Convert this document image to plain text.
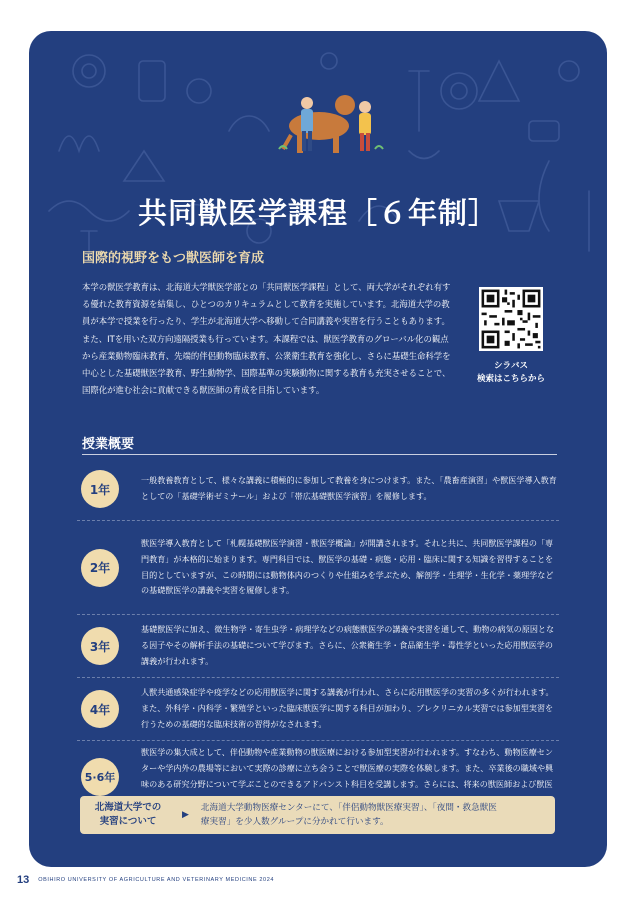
共同獣医学課程［６年制］
国際的視野をもつ獣医師を育成

本学の獣医学教育は、北海道大学獣医学部との「共同獣医学課程」として、両大学がそれぞれ有する優れた教育資源を結集し、ひとつのカリキュラムとして教育を実施しています。北海道大学の教員が本学で授業を行ったり、学生が北海道大学へ移動して合同講義や実習を行うこともあります。また、ITを用いた双方向遠隔授業も行っています。本課程では、獣医学教育のグローバル化の観点から産業動物臨床教育、先端的伴侶動物臨床教育、公衆衛生教育を強化し、さらに基礎生命科学を中心とした基礎獣医学教育、野生動物学、国際基準の実験動物に関する教育も充実させることで、国際化が進む社会に貢献できる獣医師の育成を目指しています。

シラバス
検索はこちらから
授業概要
1年

一般教養教育として、様々な講義に積極的に参加して教養を身につけます。また、「農畜産演習」や獣医学導入教育としての「基礎学術ゼミナール」および「帯広基礎獣医学演習」を履修します。

2年

獣医学導入教育として「札幌基礎獣医学演習・獣医学概論」が開講されます。それと共に、共同獣医学課程の「専門教育」が本格的に始まります。専門科目では、獣医学の基礎・病態・応用・臨床に関する知識を習得することを目的としていますが、この時期には動物体内のつくりや仕組みを学ぶため、解剖学・生理学・生化学・薬理学などの基礎獣医学の講義や実習を履修します。

3年

基礎獣医学に加え、微生物学・寄生虫学・病理学などの病態獣医学の講義や実習を通して、動物の病気の原因となる因子やその解析手法の基礎について学びます。さらに、公衆衛生学・食品衛生学・毒性学といった応用獣医学の講義が行われます。

4年

人獣共通感染症学や疫学などの応用獣医学に関する講義が行われ、さらに応用獣医学の実習の多くが行われます。また、外科学・内科学・繁殖学といった臨床獣医学に関する科目が加わり、プレクリニカル実習では参加型実習を行うための基礎的な臨床技術の習得がなされます。

5·6年

獣医学の集大成として、伴侶動物や産業動物の獣医療における参加型実習が行われます。すなわち、動物医療センターや学内外の農場等において実際の診療に立ち会うことで獣医療の実際を体験します。また、卒業後の職域や興味のある研究分野について学ぶことのできるアドバンスト科目を受講します。さらには、将来の獣医師および獣医

北海道大学での
実習について
▶
北海道大学動物医療センターにて、「伴侶動物獣医療実習」、「夜間・救急獣医療実習」を少人数グループに分かれて行います。
13 OBIHIRO UNIVERSITY OF AGRICULTURE AND VETERINARY MEDICINE 2024
